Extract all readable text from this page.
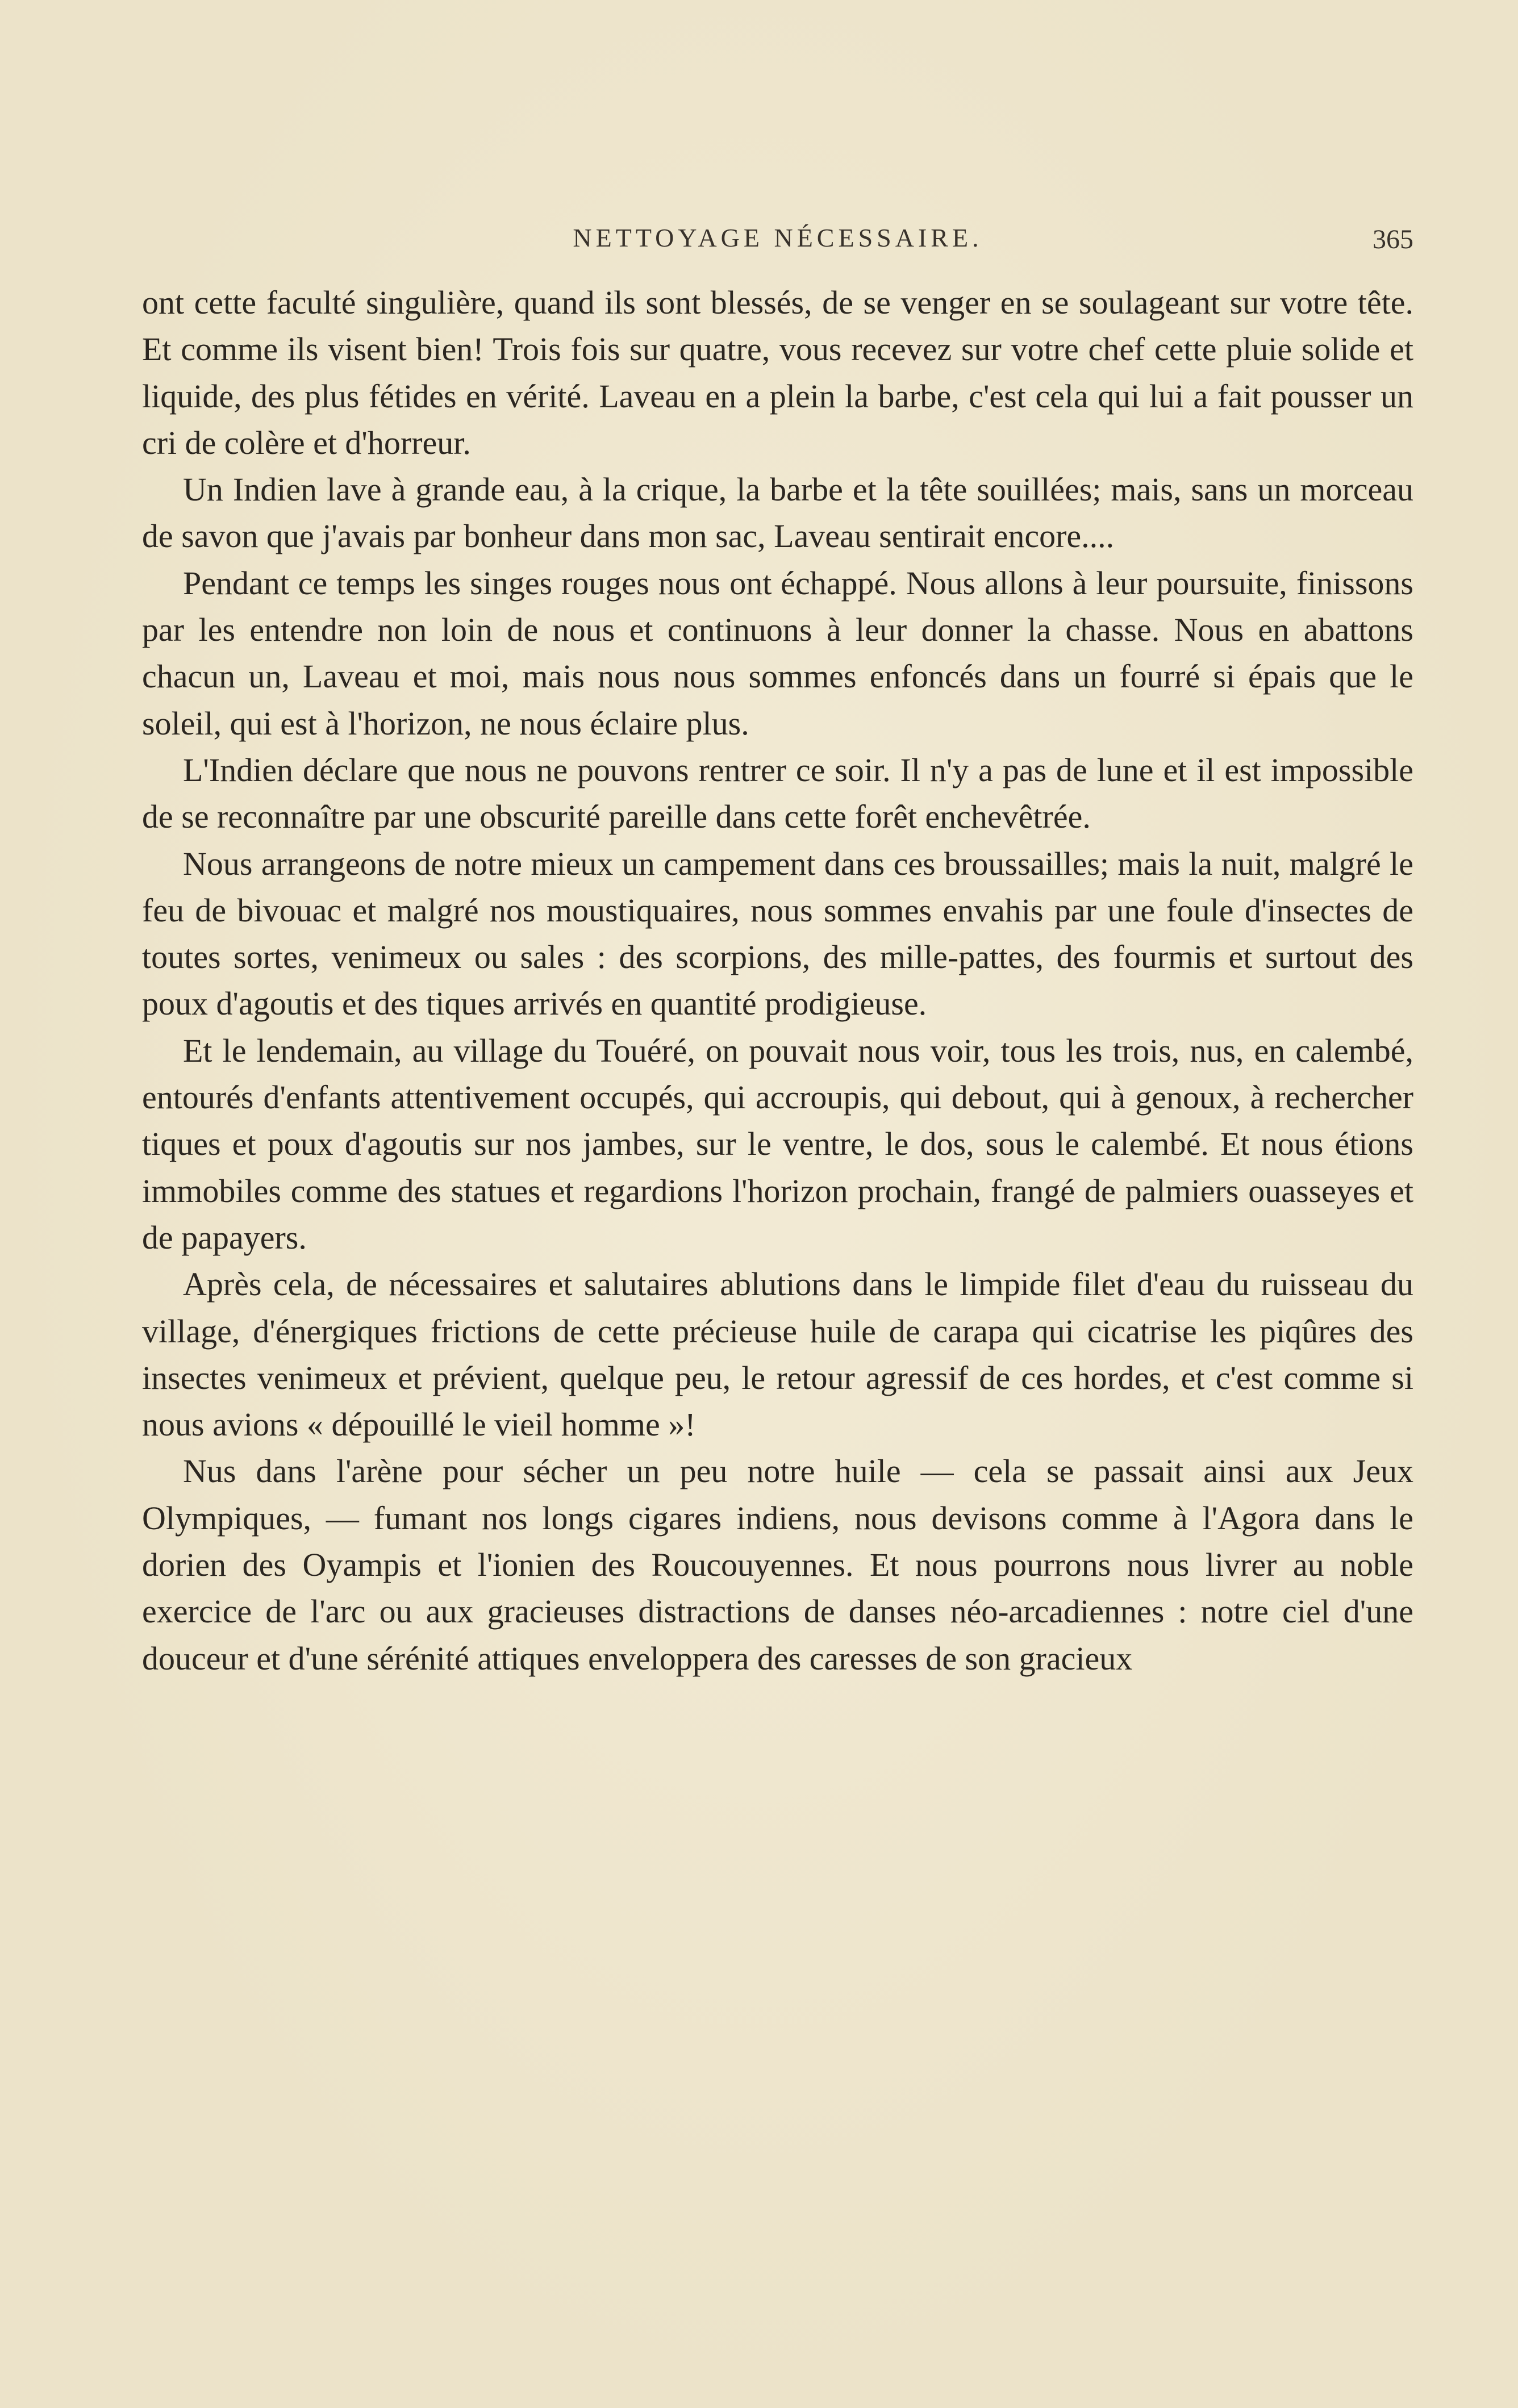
NETTOYAGE NÉCESSAIRE.	365

ont cette faculté singulière, quand ils sont blessés, de se venger en se soulageant sur votre tête. Et comme ils visent bien! Trois fois sur quatre, vous recevez sur votre chef cette pluie solide et liquide, des plus fétides en vérité. Laveau en a plein la barbe, c'est cela qui lui a fait pousser un cri de colère et d'horreur.

Un Indien lave à grande eau, à la crique, la barbe et la tête souillées; mais, sans un morceau de savon que j'avais par bonheur dans mon sac, Laveau sentirait encore....

Pendant ce temps les singes rouges nous ont échappé. Nous allons à leur poursuite, finissons par les entendre non loin de nous et continuons à leur donner la chasse. Nous en abattons chacun un, Laveau et moi, mais nous nous sommes enfoncés dans un fourré si épais que le soleil, qui est à l'horizon, ne nous éclaire plus.

L'Indien déclare que nous ne pouvons rentrer ce soir. Il n'y a pas de lune et il est impossible de se reconnaître par une obscurité pareille dans cette forêt enchevêtrée.

Nous arrangeons de notre mieux un campement dans ces broussailles; mais la nuit, malgré le feu de bivouac et malgré nos moustiquaires, nous sommes envahis par une foule d'insectes de toutes sortes, venimeux ou sales : des scorpions, des mille-pattes, des fourmis et surtout des poux d'agoutis et des tiques arrivés en quantité prodigieuse.

Et le lendemain, au village du Touéré, on pouvait nous voir, tous les trois, nus, en calembé, entourés d'enfants attentivement occupés, qui accroupis, qui debout, qui à genoux, à rechercher tiques et poux d'agoutis sur nos jambes, sur le ventre, le dos, sous le calembé. Et nous étions immobiles comme des statues et regardions l'horizon prochain, frangé de palmiers ouasseyes et de papayers.

Après cela, de nécessaires et salutaires ablutions dans le limpide filet d'eau du ruisseau du village, d'énergiques frictions de cette précieuse huile de carapa qui cicatrise les piqûres des insectes venimeux et prévient, quelque peu, le retour agressif de ces hordes, et c'est comme si nous avions « dépouillé le vieil homme »!

Nus dans l'arène pour sécher un peu notre huile — cela se passait ainsi aux Jeux Olympiques, — fumant nos longs cigares indiens, nous devisons comme à l'Agora dans le dorien des Oyampis et l'ionien des Roucouyennes. Et nous pourrons nous livrer au noble exercice de l'arc ou aux gracieuses distractions de danses néo-arcadiennes : notre ciel d'une douceur et d'une sérénité attiques enveloppera des caresses de son gracieux
